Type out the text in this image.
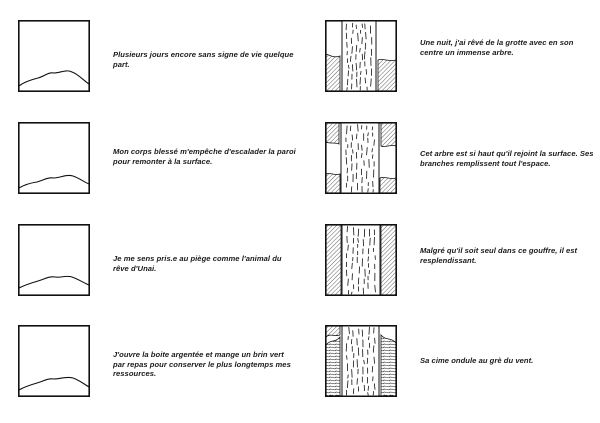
Plusieurs jours encore sans signe de vie quelque part.
Mon corps blessé m'empêche d'escalader la paroi pour remonter à la surface.
Je me sens pris.e au piège comme l'animal du rêve d'Unai.
J'ouvre la boite argentée et mange un brin vert par repas pour conserver le plus longtemps mes ressources.
Une nuit, j'ai rêvé de la grotte avec en son centre un immense arbre.
Cet arbre est si haut qu'il rejoint la surface. Ses branches remplissent tout l'espace.
Malgré qu'il soit seul dans ce gouffre, il est resplendissant.
Sa cime ondule au grè du vent.
